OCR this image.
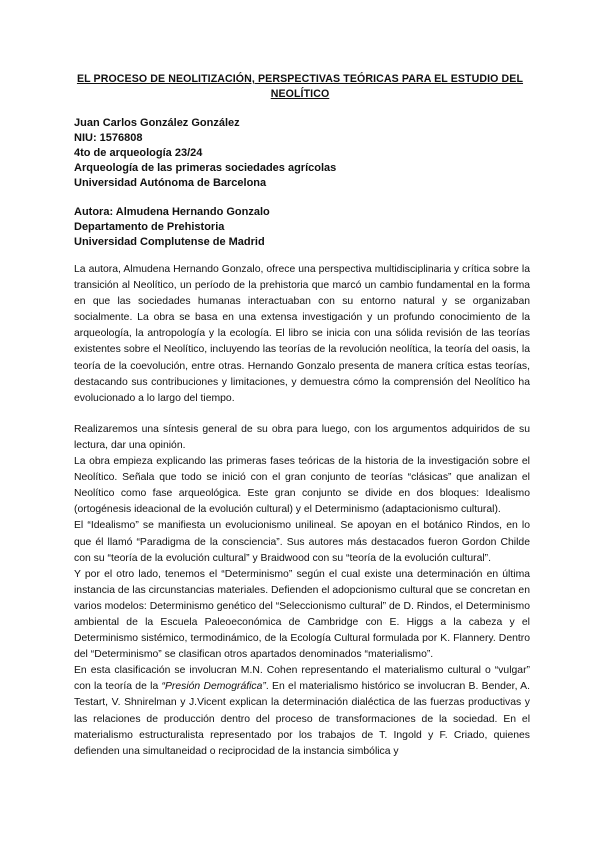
EL PROCESO DE NEOLITIZACIÓN, PERSPECTIVAS TEÓRICAS PARA EL ESTUDIO DEL NEOLÍTICO
Juan Carlos González González
NIU: 1576808
4to de arqueología 23/24
Arqueología de las primeras sociedades agrícolas
Universidad Autónoma de Barcelona
Autora: Almudena Hernando Gonzalo
Departamento de Prehistoria
Universidad Complutense de Madrid

La autora, Almudena Hernando Gonzalo, ofrece una perspectiva multidisciplinaria y crítica sobre la transición al Neolítico, un período de la prehistoria que marcó un cambio fundamental en la forma en que las sociedades humanas interactuaban con su entorno natural y se organizaban socialmente. La obra se basa en una extensa investigación y un profundo conocimiento de la arqueología, la antropología y la ecología. El libro se inicia con una sólida revisión de las teorías existentes sobre el Neolítico, incluyendo las teorías de la revolución neolítica, la teoría del oasis, la teoría de la coevolución, entre otras. Hernando Gonzalo presenta de manera crítica estas teorías, destacando sus contribuciones y limitaciones, y demuestra cómo la comprensión del Neolítico ha evolucionado a lo largo del tiempo.

Realizaremos una síntesis general de su obra para luego, con los argumentos adquiridos de su lectura, dar una opinión.

La obra empieza explicando las primeras fases teóricas de la historia de la investigación sobre el Neolítico. Señala que todo se inició con el gran conjunto de teorías “clásicas” que analizan el Neolítico como fase arqueológica. Este gran conjunto se divide en dos bloques: Idealismo (ortogénesis ideacional de la evolución cultural) y el Determinismo (adaptacionismo cultural).

El “Idealismo” se manifiesta un evolucionismo unilineal. Se apoyan en el botánico Rindos, en lo que él llamó “Paradigma de la consciencia”. Sus autores más destacados fueron Gordon Childe con su “teoría de la evolución cultural” y Braidwood con su “teoría de la evolución cultural”.

Y por el otro lado, tenemos el “Determinismo” según el cual existe una determinación en última instancia de las circunstancias materiales. Defienden el adopcionismo cultural que se concretan en varios modelos: Determinismo genético del “Seleccionismo cultural” de D. Rindos, el Determinismo ambiental de la Escuela Paleoeconómica de Cambridge con E. Higgs a la cabeza y el Determinismo sistémico, termodinámico, de la Ecología Cultural formulada por K. Flannery. Dentro del “Determinismo” se clasifican otros apartados denominados “materialismo”.

En esta clasificación se involucran M.N. Cohen representando el materialismo cultural o “vulgar” con la teoría de la “Presión Demográfica”. En el materialismo histórico se involucran B. Bender, A. Testart, V. Shnirelman y J.Vicent explican la determinación dialéctica de las fuerzas productivas y las relaciones de producción dentro del proceso de transformaciones de la sociedad. En el materialismo estructuralista representado por los trabajos de T. Ingold y F. Criado, quienes defienden una simultaneidad o reciprocidad de la instancia simbólica y
